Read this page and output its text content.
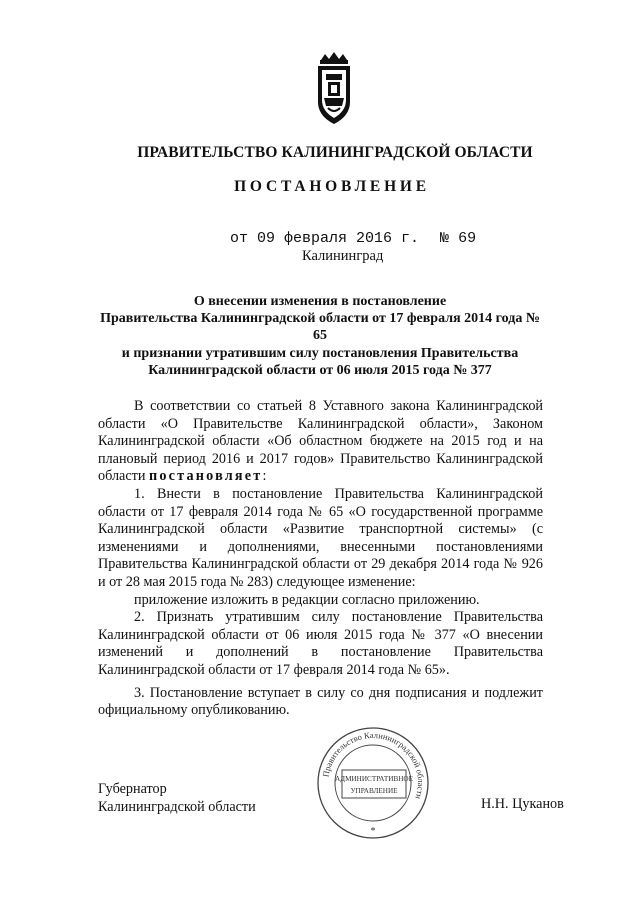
ПРАВИТЕЛЬСТВО КАЛИНИНГРАДСКОЙ ОБЛАСТИ
ПОСТАНОВЛЕНИЕ
от 09 февраля 2016 г. № 69
Калининград
О внесении изменения в постановление
Правительства Калининградской области от 17 февраля 2014 года № 65
и признании утратившим силу постановления Правительства
Калининградской области от 06 июля 2015 года № 377

В соответствии со статьей 8 Уставного закона Калининградской области «О Правительстве Калининградской области», Законом Калининградской области «Об областном бюджете на 2015 год и на плановый период 2016 и 2017 годов» Правительство Калининградской области постановляет:

1. Внести в постановление Правительства Калининградской области от 17 февраля 2014 года № 65 «О государственной программе Калининградской области «Развитие транспортной системы» (с изменениями и дополнениями, внесенными постановлениями Правительства Калининградской области от 29 декабря 2014 года № 926 и от 28 мая 2015 года № 283) следующее изменение:

приложение изложить в редакции согласно приложению.

2. Признать утратившим силу постановление Правительства Калининградской области от 06 июля 2015 года № 377 «О внесении изменений и дополнений в постановление Правительства Калининградской области от 17 февраля 2014 года № 65».

3. Постановление вступает в силу со дня подписания и подлежит официальному опубликованию.

Губернатор
Калининградской области
Правительство Калининградской области
АДМИНИСТРАТИВНОЕ
УПРАВЛЕНИЕ
*
Н.Н. Цуканов
